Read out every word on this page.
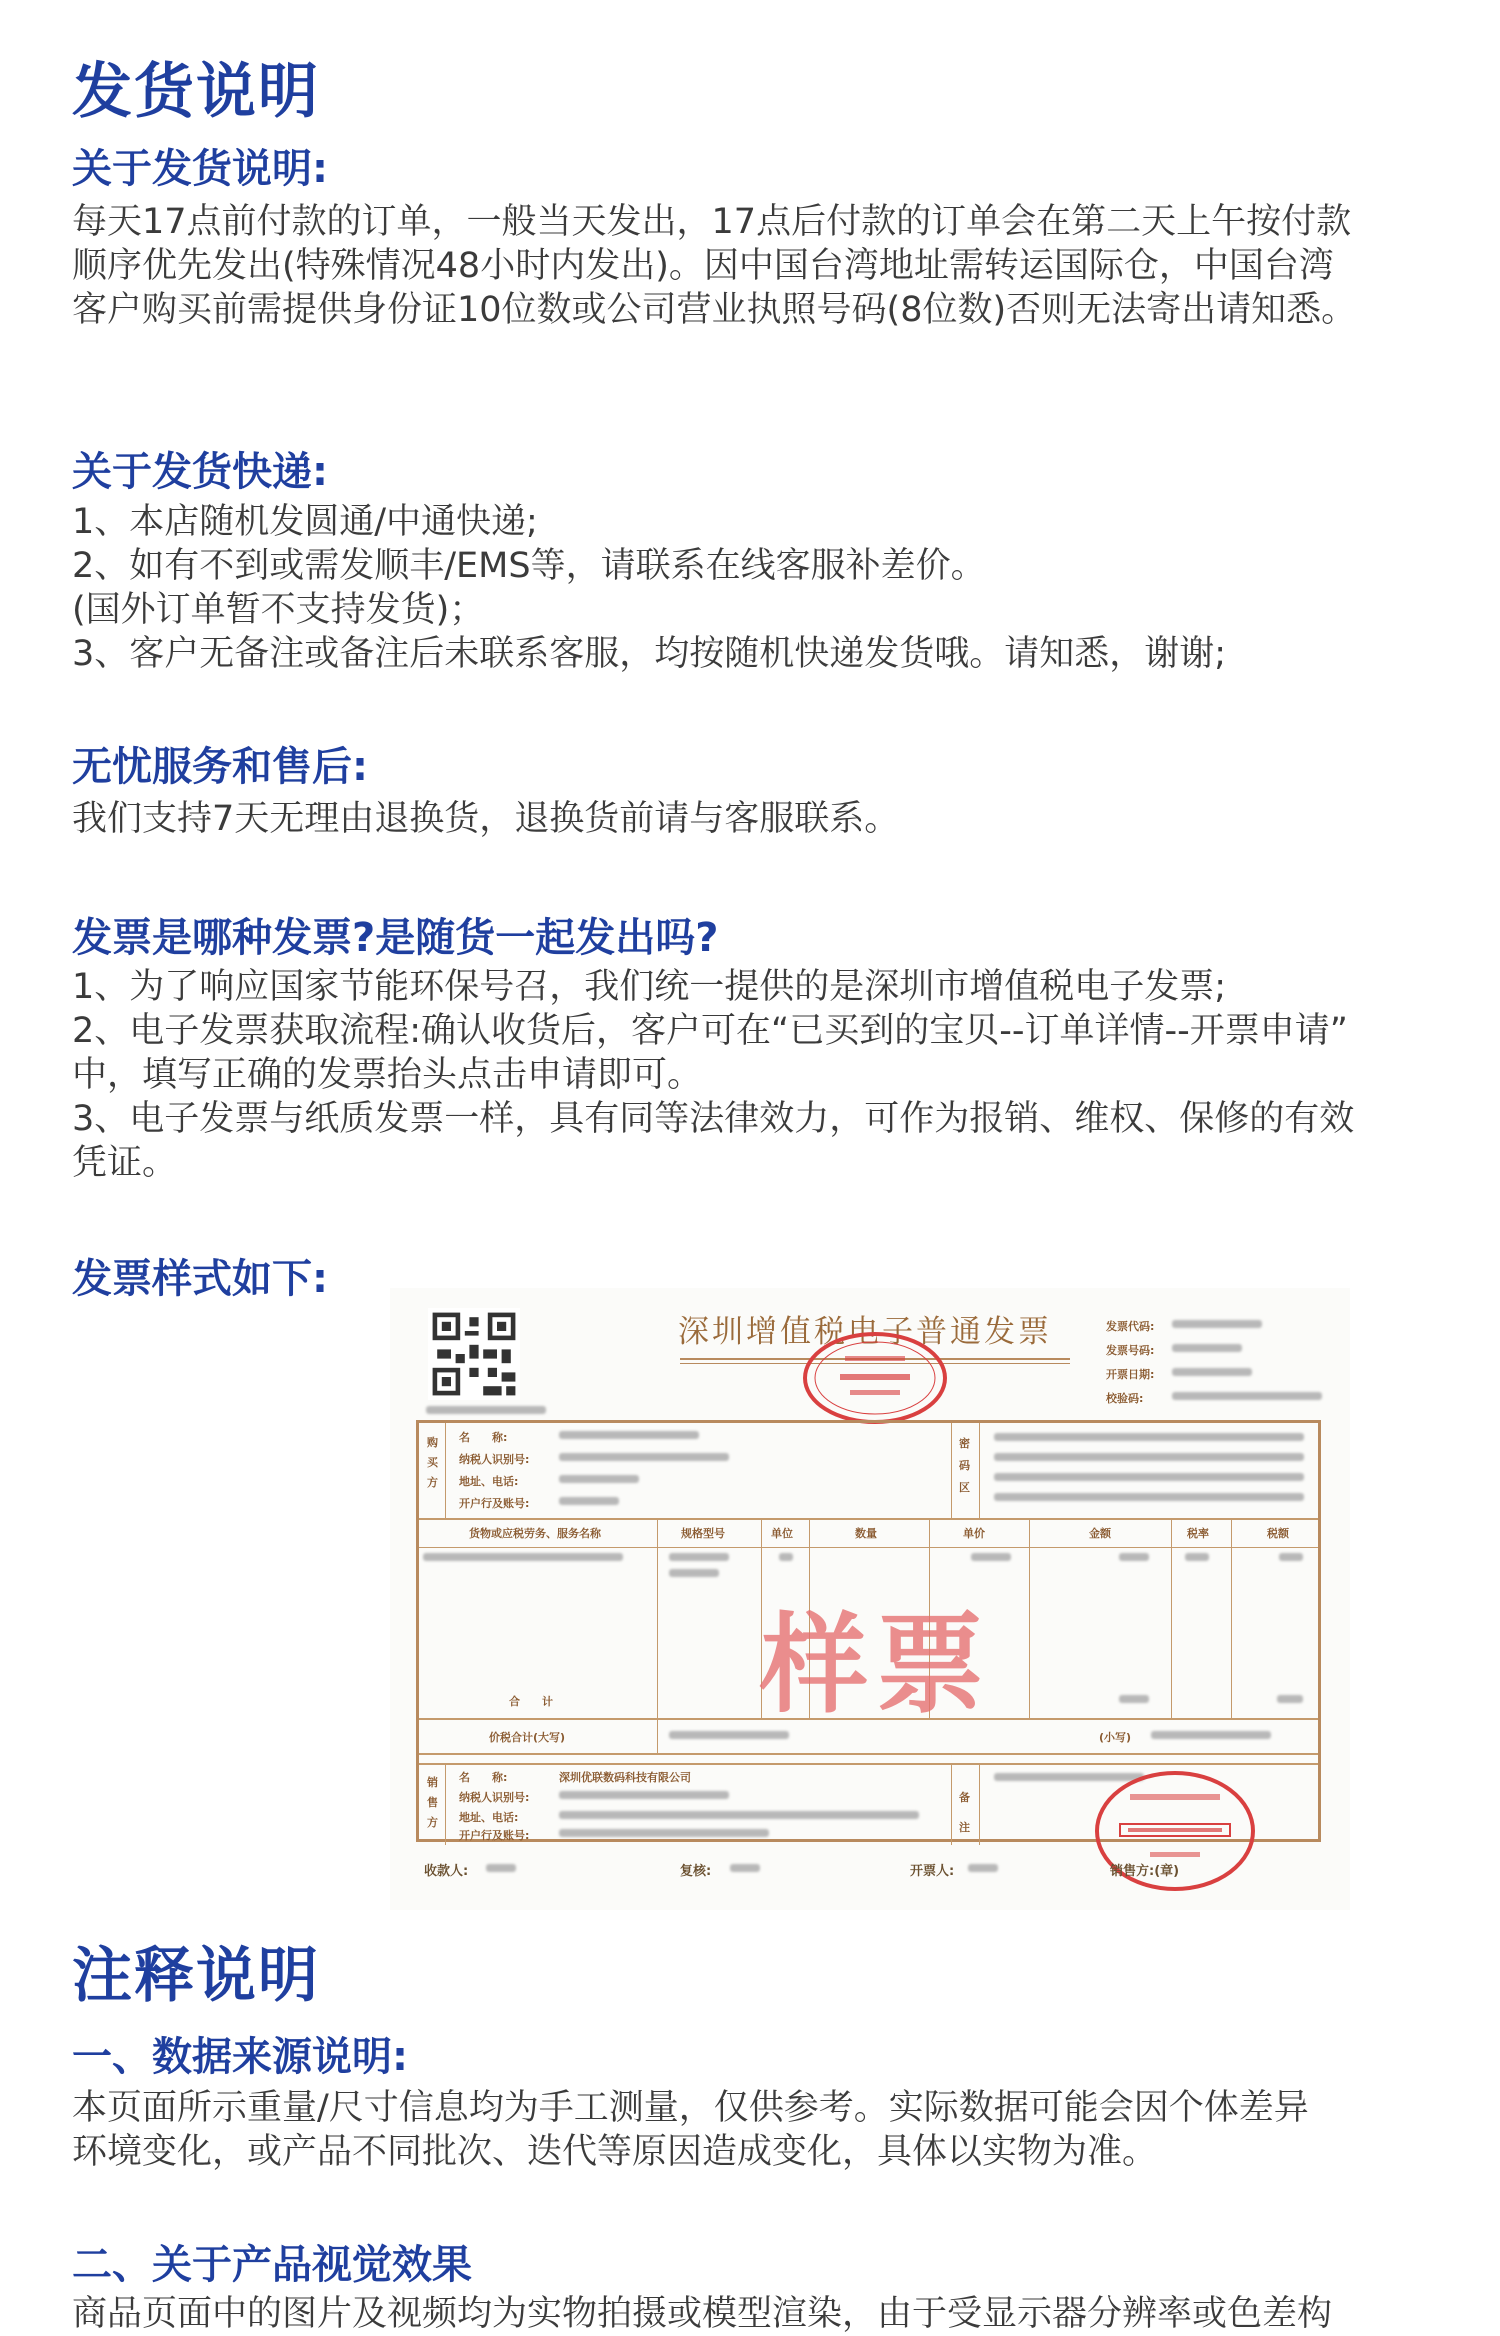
发货说明
关于发货说明:

每天17点前付款的订单，一般当天发出，17点后付款的订单会在第二天上午按付款

顺序优先发出(特殊情况48小时内发出)。因中国台湾地址需转运国际仓，中国台湾

客户购买前需提供身份证10位数或公司营业执照号码(8位数)否则无法寄出请知悉。

关于发货快递:

1、本店随机发圆通/中通快递;

2、如有不到或需发顺丰/EMS等，请联系在线客服补差价。

(国外订单暂不支持发货)；

3、客户无备注或备注后未联系客服，均按随机快递发货哦。请知悉，谢谢;

无忧服务和售后:

我们支持7天无理由退换货，退换货前请与客服联系。

发票是哪种发票?是随货一起发出吗?

1、为了响应国家节能环保号召，我们统一提供的是深圳市增值税电子发票;

2、电子发票获取流程:确认收货后，客户可在“已买到的宝贝--订单详情--开票申请”

中，填写正确的发票抬头点击申请即可。

3、电子发票与纸质发票一样，具有同等法律效力，可作为报销、维权、保修的有效

凭证。

发票样式如下:
深圳增值税电子普通发票	发票代码:
发票号码:
开票日期:
校验码:
购买方
名　　称:
纳税人识别号:
地址、电话:
开户行及账号:
密码区
货物或应税劳务、服务名称	规格型号	单位	数量	单价	金额	税率	税额
合　　计
价税合计(大写)	(小写)
销售方
名　　称:	深圳优联数码科技有限公司
纳税人识别号:
地址、电话:
开户行及账号:
备注
样票
收款人:	复核:	开票人:	销售方:(章)
注释说明
一、数据来源说明:

本页面所示重量/尺寸信息均为手工测量，仅供参考。实际数据可能会因个体差异

环境变化，或产品不同批次、迭代等原因造成变化，具体以实物为准。

二、关于产品视觉效果

商品页面中的图片及视频均为实物拍摄或模型渲染，由于受显示器分辨率或色差构
